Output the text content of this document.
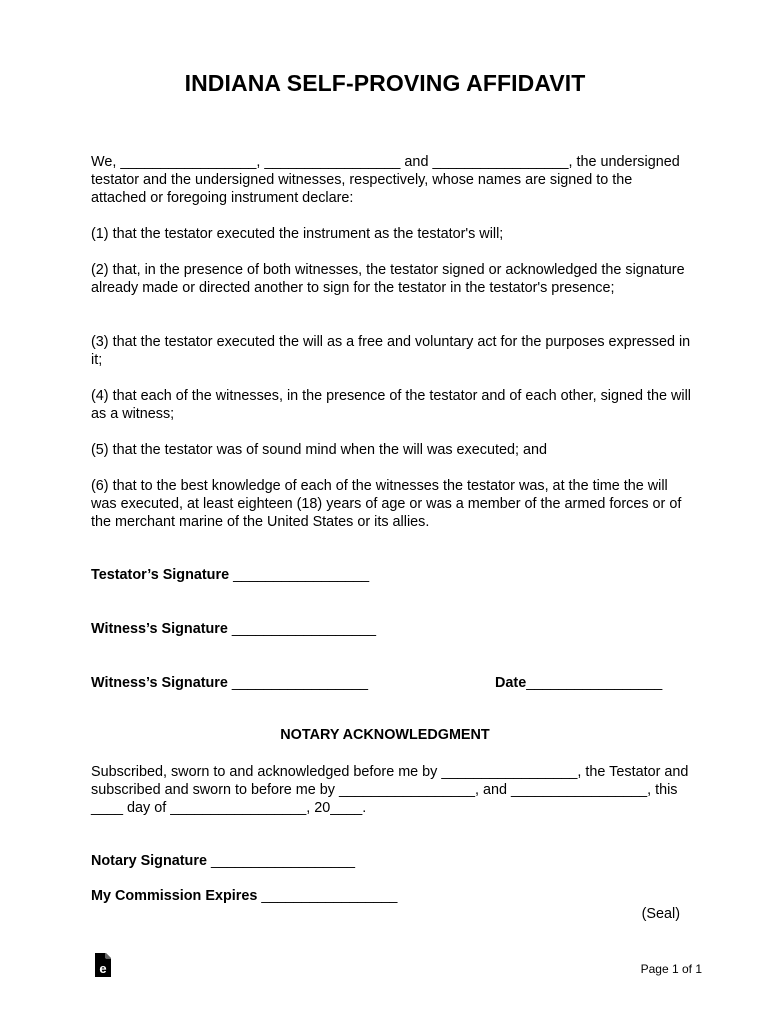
INDIANA SELF-PROVING AFFIDAVIT
We, _________________, _________________ and _________________, the undersigned testator and the undersigned witnesses, respectively, whose names are signed to the attached or foregoing instrument declare:
(1) that the testator executed the instrument as the testator's will;
(2) that, in the presence of both witnesses, the testator signed or acknowledged the signature already made or directed another to sign for the testator in the testator's presence;
(3) that the testator executed the will as a free and voluntary act for the purposes expressed in it;
(4) that each of the witnesses, in the presence of the testator and of each other, signed the will as a witness;
(5) that the testator was of sound mind when the will was executed; and
(6) that to the best knowledge of each of the witnesses the testator was, at the time the will was executed, at least eighteen (18) years of age or was a member of the armed forces or of the merchant marine of the United States or its allies.
Testator’s Signature _________________
Witness’s Signature __________________
Witness’s Signature _________________	Date_________________
NOTARY ACKNOWLEDGMENT
Subscribed, sworn to and acknowledged before me by _________________, the Testator and subscribed and sworn to before me by _________________, and _________________, this ____ day of _________________, 20____.
Notary Signature __________________
My Commission Expires _________________
(Seal)
e	Page 1 of 1
